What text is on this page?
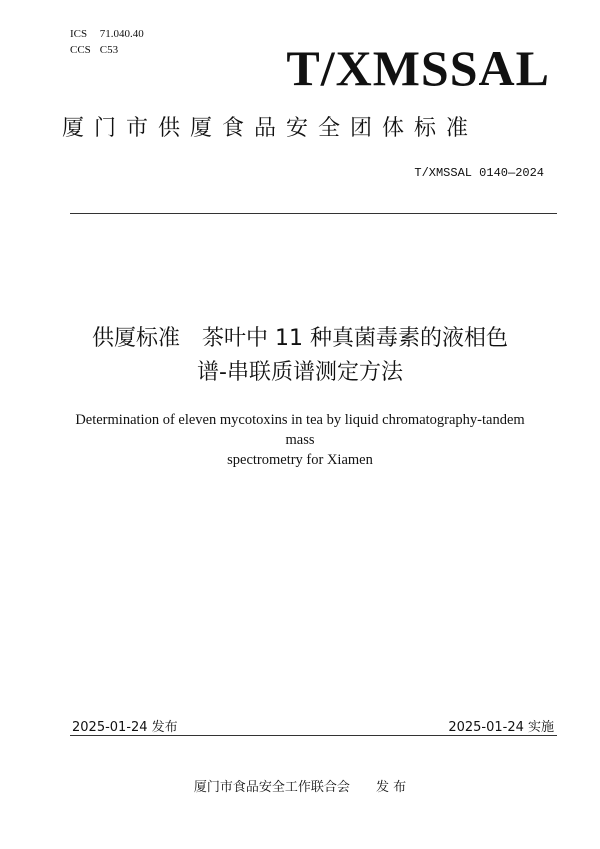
ICS 71.040.40
CCS C53	T/XMSSAL
厦门市供厦食品安全团体标准
T/XMSSAL 0140—2024
供厦标准　茶叶中 11 种真菌毒素的液相色
谱-串联质谱测定方法
Determination of eleven mycotoxins in tea by liquid chromatography-tandem mass
spectrometry for Xiamen
2025-01-24 发布	2025-01-24 实施
厦门市食品安全工作联合会 发 布
